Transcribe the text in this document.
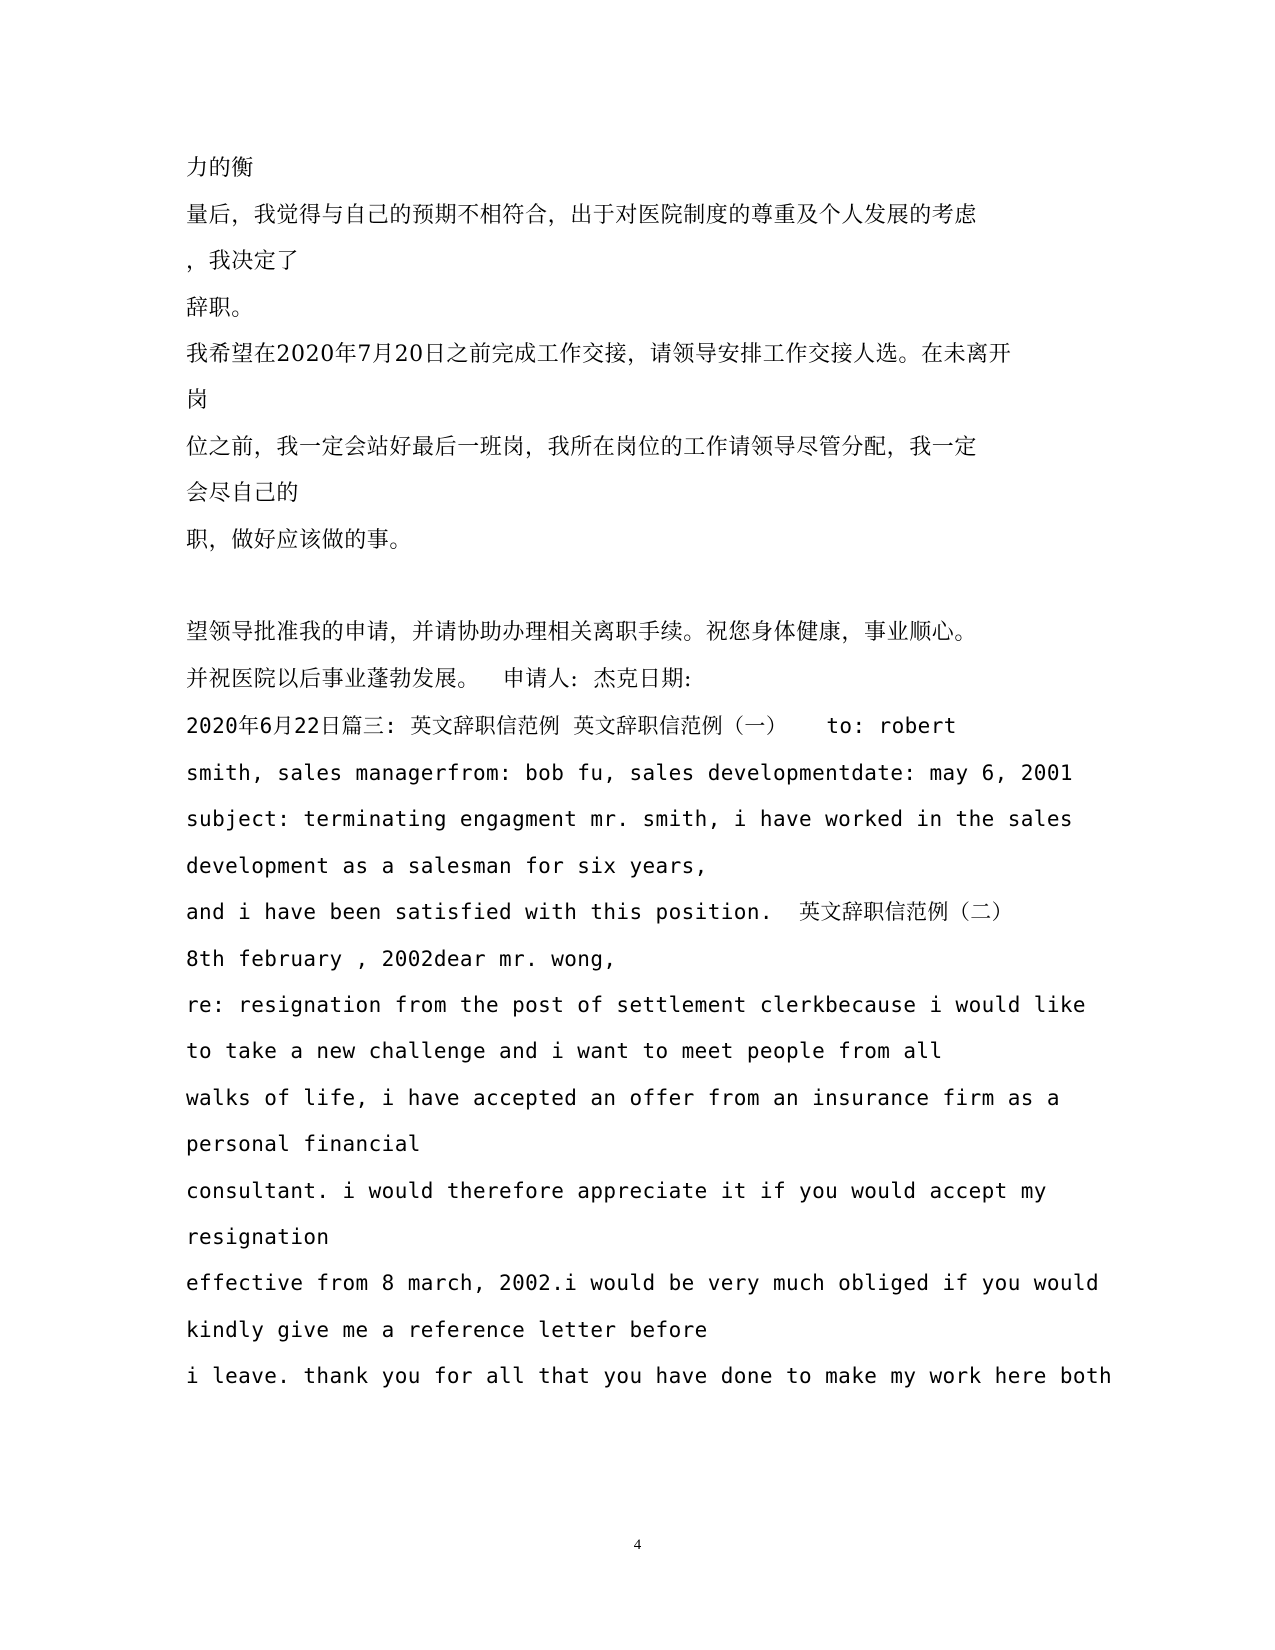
力的衡
量后，我觉得与自己的预期不相符合，出于对医院制度的尊重及个人发展的考虑
，我决定了
辞职。
我希望在2020年7月20日之前完成工作交接，请领导安排工作交接人选。在未离开
岗
位之前，我一定会站好最后一班岗，我所在岗位的工作请领导尽管分配，我一定
会尽自己的
职，做好应该做的事。
望领导批准我的申请，并请协助办理相关离职手续。祝您身体健康，事业顺心。
并祝医院以后事业蓬勃发展。   申请人:  杰克日期:
2020年6月22日篇三: 英文辞职信范例 英文辞职信范例（一）   to: robert
smith, sales managerfrom: bob fu, sales developmentdate: may 6, 2001
subject: terminating engagment mr. smith, i have worked in the sales
development as a salesman for six years,
and i have been satisfied with this position.  英文辞职信范例（二）
8th february , 2002dear mr. wong,
re: resignation from the post of settlement clerkbecause i would like
to take a new challenge and i want to meet people from all
walks of life, i have accepted an offer from an insurance firm as a
personal financial
consultant. i would therefore appreciate it if you would accept my
resignation
effective from 8 march, 2002.i would be very much obliged if you would
kindly give me a reference letter before
i leave. thank you for all that you have done to make my work here both
4
